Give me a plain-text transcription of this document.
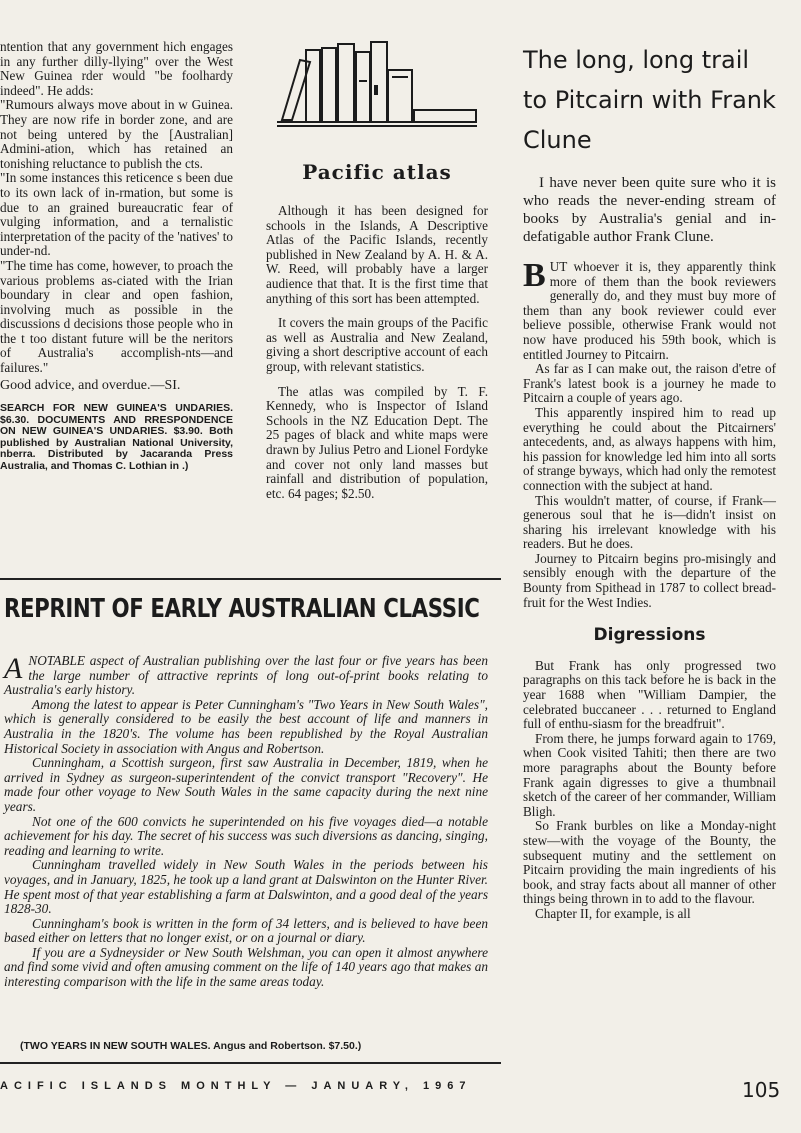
ntention that any government hich engages in any further dilly-llying" over the West New Guinea rder would "be foolhardy indeed". He adds:

"Rumours always move about in w Guinea. They are now rife in border zone, and are not being untered by the [Australian] Admini-ation, which has retained an tonishing reluctance to publish the cts.

"In some instances this reticence s been due to its own lack of in-rmation, but some is due to an grained bureaucratic fear of vulging information, and a ternalistic interpretation of the pacity of the 'natives' to under-nd.

"The time has come, however, to proach the various problems as-ciated with the Irian boundary in clear and open fashion, involving much as possible in the discussions d decisions those people who in the t too distant future will be the neritors of Australia's accomplish-nts—and failures."

Good advice, and overdue.—SI.

SEARCH FOR NEW GUINEA'S UNDARIES. $6.30. DOCUMENTS AND RRESPONDENCE ON NEW GUINEA'S UNDARIES. $3.90. Both published by Australian National University, nberra. Distributed by Jacaranda Press Australia, and Thomas C. Lothian in .)

Pacific atlas

Although it has been designed for schools in the Islands, A Descriptive Atlas of the Pacific Islands, recently published in New Zealand by A. H. & A. W. Reed, will probably have a larger audience that that. It is the first time that anything of this sort has been attempted.

It covers the main groups of the Pacific as well as Australia and New Zealand, giving a short descriptive account of each group, with relevant statistics.

The atlas was compiled by T. F. Kennedy, who is Inspector of Island Schools in the NZ Education Dept. The 25 pages of black and white maps were drawn by Julius Petro and Lionel Fordyke and cover not only land masses but rainfall and distribution of population, etc. 64 pages; $2.50.

The long, long trail to Pitcairn with Frank Clune

I have never been quite sure who it is who reads the never-ending stream of books by Australia's genial and in-defatigable author Frank Clune.

B UT whoever it is, they apparently think more of them than the book reviewers generally do, and they must buy more of them than any book reviewer could ever believe possible, otherwise Frank would not now have produced his 59th book, which is entitled Journey to Pitcairn.

As far as I can make out, the raison d'etre of Frank's latest book is a journey he made to Pitcairn a couple of years ago.

This apparently inspired him to read up everything he could about the Pitcairners' antecedents, and, as always happens with him, his passion for knowledge led him into all sorts of strange byways, which had only the remotest connection with the subject at hand.

This wouldn't matter, of course, if Frank—generous soul that he is—didn't insist on sharing his irrelevant knowledge with his readers. But he does.

Journey to Pitcairn begins pro-misingly and sensibly enough with the departure of the Bounty from Spithead in 1787 to collect bread-fruit for the West Indies.

Digressions

But Frank has only progressed two paragraphs on this tack before he is back in the year 1688 when "William Dampier, the celebrated buccaneer . . . returned to England full of enthu-siasm for the breadfruit".

From there, he jumps forward again to 1769, when Cook visited Tahiti; then there are two more paragraphs about the Bounty before Frank again digresses to give a thumbnail sketch of the career of her commander, William Bligh.

So Frank burbles on like a Monday-night stew—with the voyage of the Bounty, the subsequent mutiny and the settlement on Pitcairn providing the main ingredients of his book, and stray facts about all manner of other things being thrown in to add to the flavour.

Chapter II, for example, is all

REPRINT OF EARLY AUSTRALIAN CLASSIC

A NOTABLE aspect of Australian publishing over the last four or five years has been the large number of attractive reprints of long out-of-print books relating to Australia's early history.

Among the latest to appear is Peter Cunningham's "Two Years in New South Wales", which is generally considered to be easily the best account of life and manners in Australia in the 1820's. The volume has been republished by the Royal Australian Historical Society in association with Angus and Robertson.

Cunningham, a Scottish surgeon, first saw Australia in December, 1819, when he arrived in Sydney as surgeon-superintendent of the convict transport "Recovery". He made four other voyage to New South Wales in the same capacity during the next nine years.

Not one of the 600 convicts he superintended on his five voyages died—a notable achievement for his day. The secret of his success was such diversions as dancing, singing, reading and learning to write.

Cunningham travelled widely in New South Wales in the periods between his voyages, and in January, 1825, he took up a land grant at Dalswinton on the Hunter River. He spent most of that year establishing a farm at Dalswinton, and a good deal of the years 1828-30.

Cunningham's book is written in the form of 34 letters, and is believed to have been based either on letters that no longer exist, or on a journal or diary.

If you are a Sydneysider or New South Welshman, you can open it almost anywhere and find some vivid and often amusing comment on the life of 140 years ago that makes an interesting comparison with the life in the same areas today.

(TWO YEARS IN NEW SOUTH WALES. Angus and Robertson. $7.50.)
ACIFIC ISLANDS MONTHLY — JANUARY, 1967	105
